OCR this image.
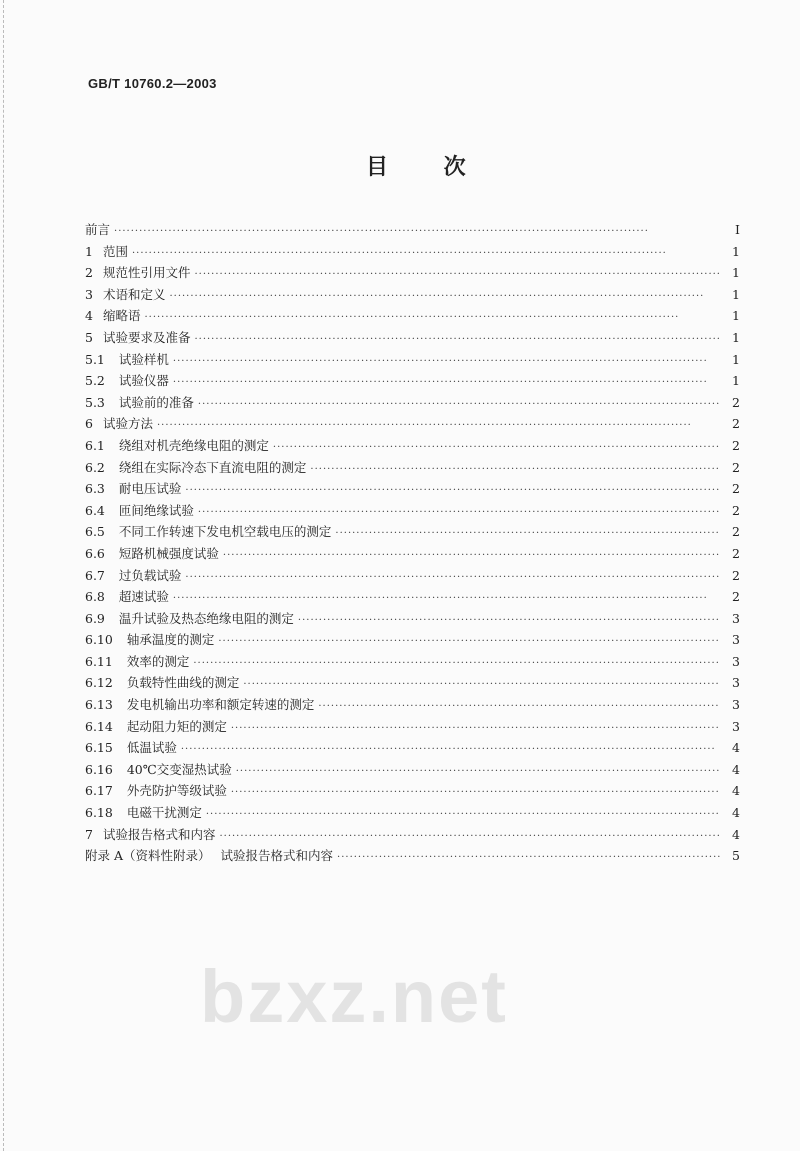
GB/T 10760.2—2003
目 次
前言 ·····	I
1 范围 ·····	1
2 规范性引用文件 ·····	1
3 术语和定义 ·····	1
4 缩略语 ·····	1
5 试验要求及准备 ·····	1
5.1 试验样机 ·····	1
5.2 试验仪器 ·····	1
5.3 试验前的准备 ·····	2
6 试验方法 ·····	2
6.1 绕组对机壳绝缘电阻的测定 ·····	2
6.2 绕组在实际冷态下直流电阻的测定 ·····	2
6.3 耐电压试验 ·····	2
6.4 匝间绝缘试验 ·····	2
6.5 不同工作转速下发电机空载电压的测定 ·····	2
6.6 短路机械强度试验 ·····	2
6.7 过负载试验 ·····	2
6.8 超速试验 ·····	2
6.9 温升试验及热态绝缘电阻的测定 ·····	3
6.10 轴承温度的测定 ·····	3
6.11 效率的测定 ·····	3
6.12 负载特性曲线的测定 ·····	3
6.13 发电机输出功率和额定转速的测定 ·····	3
6.14 起动阻力矩的测定 ·····	3
6.15 低温试验 ·····	4
6.16 40℃交变湿热试验 ·····	4
6.17 外壳防护等级试验 ·····	4
6.18 电磁干扰测定 ·····	4
7 试验报告格式和内容 ·····	4
附录 A（资料性附录） 试验报告格式和内容 ·····	5
bzxz.net
